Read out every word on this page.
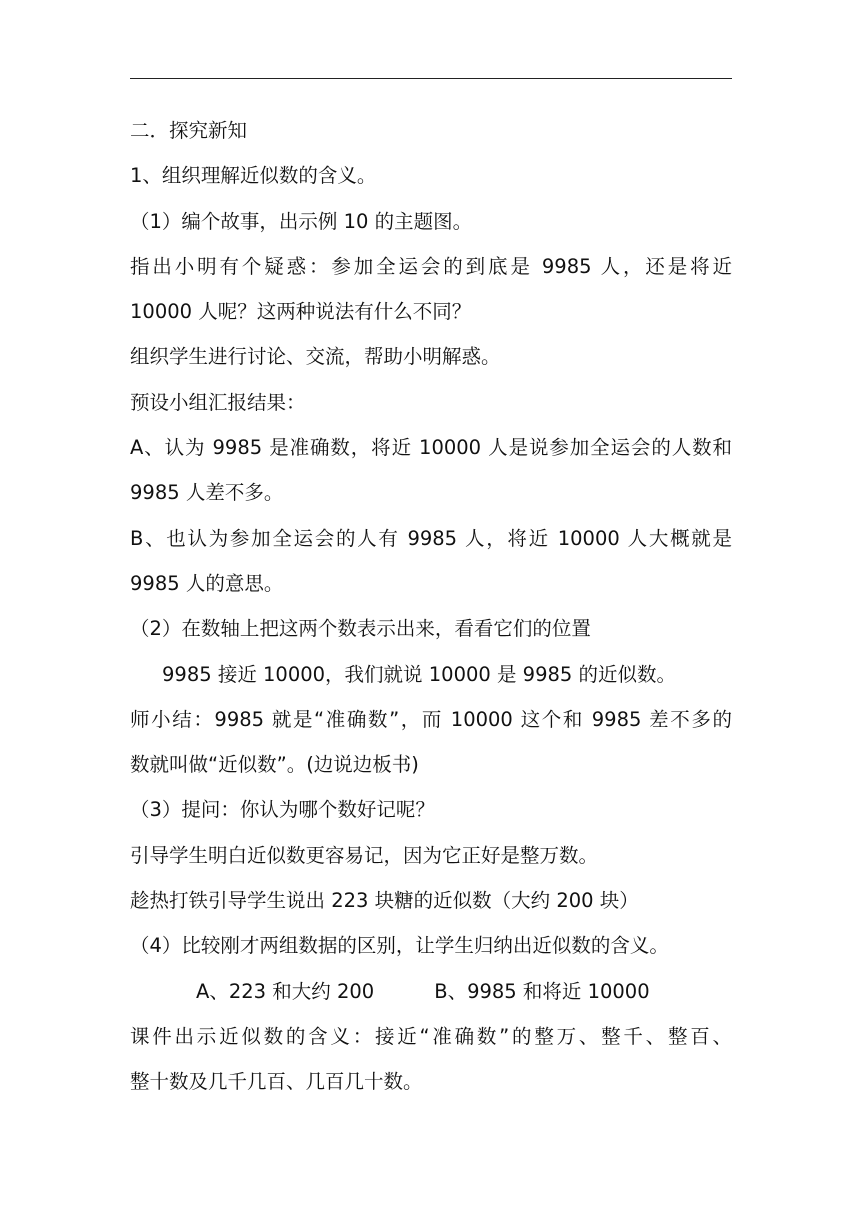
二．探究新知
1、组织理解近似数的含义。
（1）编个故事，出示例 10 的主题图。
指出小明有个疑惑：参加全运会的到底是 9985 人，还是将近
10000 人呢？这两种说法有什么不同？
组织学生进行讨论、交流，帮助小明解惑。
预设小组汇报结果：
A、认为 9985 是准确数，将近 10000 人是说参加全运会的人数和
9985 人差不多。
B、也认为参加全运会的人有 9985 人，将近 10000 人大概就是
9985 人的意思。
（2）在数轴上把这两个数表示出来，看看它们的位置
9985 接近 10000，我们就说 10000 是 9985 的近似数。
师小结：9985 就是“准确数”，而 10000 这个和 9985 差不多的
数就叫做“近似数”。(边说边板书)
（3）提问：你认为哪个数好记呢？
引导学生明白近似数更容易记，因为它正好是整万数。
趁热打铁引导学生说出 223 块糖的近似数（大约 200 块）
（4）比较刚才两组数据的区别，让学生归纳出近似数的含义。
A、223 和大约 200	B、9985 和将近 10000
课件出示近似数的含义：接近“准确数”的整万、整千、整百、
整十数及几千几百、几百几十数。
